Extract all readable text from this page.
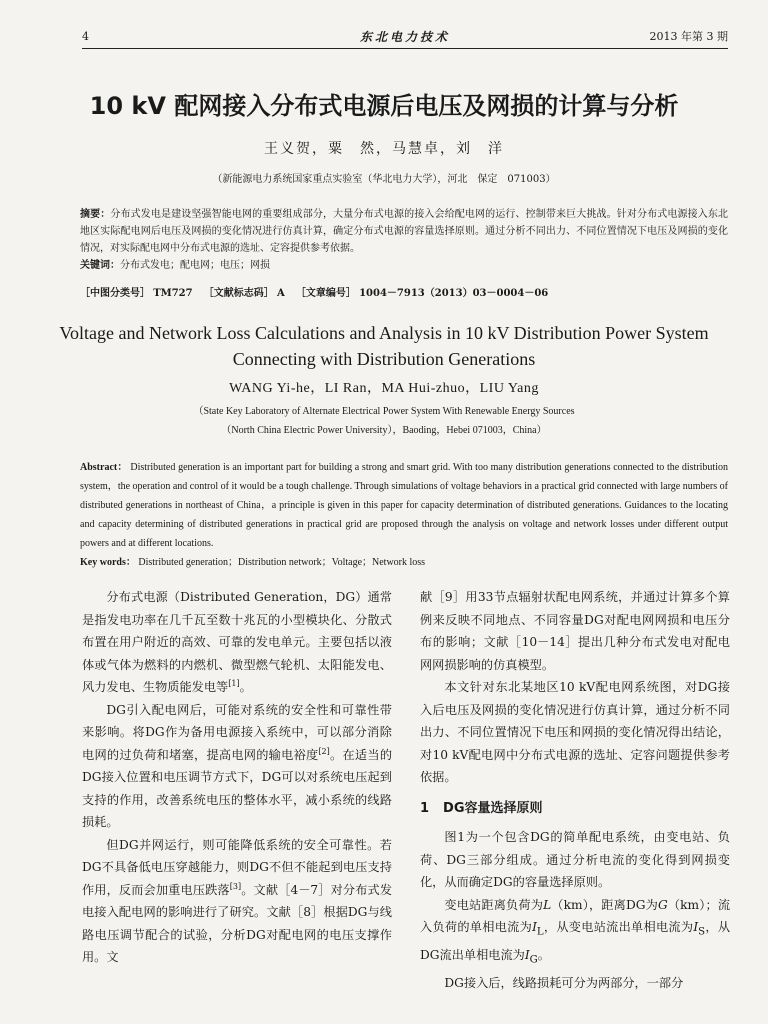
4	东北电力技术	2013 年第 3 期
10 kV 配网接入分布式电源后电压及网损的计算与分析
王义贺，粟　然，马慧卓，刘　洋
（新能源电力系统国家重点实验室（华北电力大学），河北　保定　071003）

摘要：分布式发电是建设坚强智能电网的重要组成部分，大量分布式电源的接入会给配电网的运行、控制带来巨大挑战。针对分布式电源接入东北地区实际配电网后电压及网损的变化情况进行仿真计算，确定分布式电源的容量选择原则。通过分析不同出力、不同位置情况下电压及网损的变化情况，对实际配电网中分布式电源的选址、定容提供参考依据。

关键词：分布式发电；配电网；电压；网损

［中图分类号］ TM727 ［文献标志码］ A ［文章编号］ 1004－7913（2013）03－0004－06
Voltage and Network Loss Calculations and Analysis in 10 kV Distribution Power System Connecting with Distribution Generations
WANG Yi-he，LI Ran，MA Hui-zhuo，LIU Yang
（State Key Laboratory of Alternate Electrical Power System With Renewable Energy Sources
（North China Electric Power University），Baoding，Hebei 071003，China）

Abstract： Distributed generation is an important part for building a strong and smart grid. With too many distribution generations connected to the distribution system，the operation and control of it would be a tough challenge. Through simulations of voltage behaviors in a practical grid connected with large numbers of distributed generations in northeast of China，a principle is given in this paper for capacity determination of distributed generations. Guidances to the locating and capacity determining of distributed generations in practical grid are proposed through the analysis on voltage and network losses under different output powers and at different locations.

Key words： Distributed generation；Distribution network；Voltage；Network loss

分布式电源（Distributed Generation，DG）通常是指发电功率在几千瓦至数十兆瓦的小型模块化、分散式布置在用户附近的高效、可靠的发电单元。主要包括以液体或气体为燃料的内燃机、微型燃气轮机、太阳能发电、风力发电、生物质能发电等[1]。

DG引入配电网后，可能对系统的安全性和可靠性带来影响。将DG作为备用电源接入系统中，可以部分消除电网的过负荷和堵塞，提高电网的输电裕度[2]。在适当的DG接入位置和电压调节方式下，DG可以对系统电压起到支持的作用，改善系统电压的整体水平，减小系统的线路损耗。

但DG并网运行，则可能降低系统的安全可靠性。若DG不具备低电压穿越能力，则DG不但不能起到电压支持作用，反而会加重电压跌落[3]。文献［4－7］对分布式发电接入配电网的影响进行了研究。文献［8］根据DG与线路电压调节配合的试验，分析DG对配电网的电压支撑作用。文

献［9］用33节点辐射状配电网系统，并通过计算多个算例来反映不同地点、不同容量DG对配电网网损和电压分布的影响；文献［10－14］提出几种分布式发电对配电网网损影响的仿真模型。

本文针对东北某地区10 kV配电网系统图，对DG接入后电压及网损的变化情况进行仿真计算，通过分析不同出力、不同位置情况下电压和网损的变化情况得出结论，对10 kV配电网中分布式电源的选址、定容问题提供参考依据。

1 DG容量选择原则

图1为一个包含DG的简单配电系统，由变电站、负荷、DG三部分组成。通过分析电流的变化得到网损变化，从而确定DG的容量选择原则。

变电站距离负荷为L（km），距离DG为G（km）；流入负荷的单相电流为$I_L$，从变电站流出单相电流为$I_S$，从DG流出单相电流为$I_G$。

DG接入后，线路损耗可分为两部分，一部分
